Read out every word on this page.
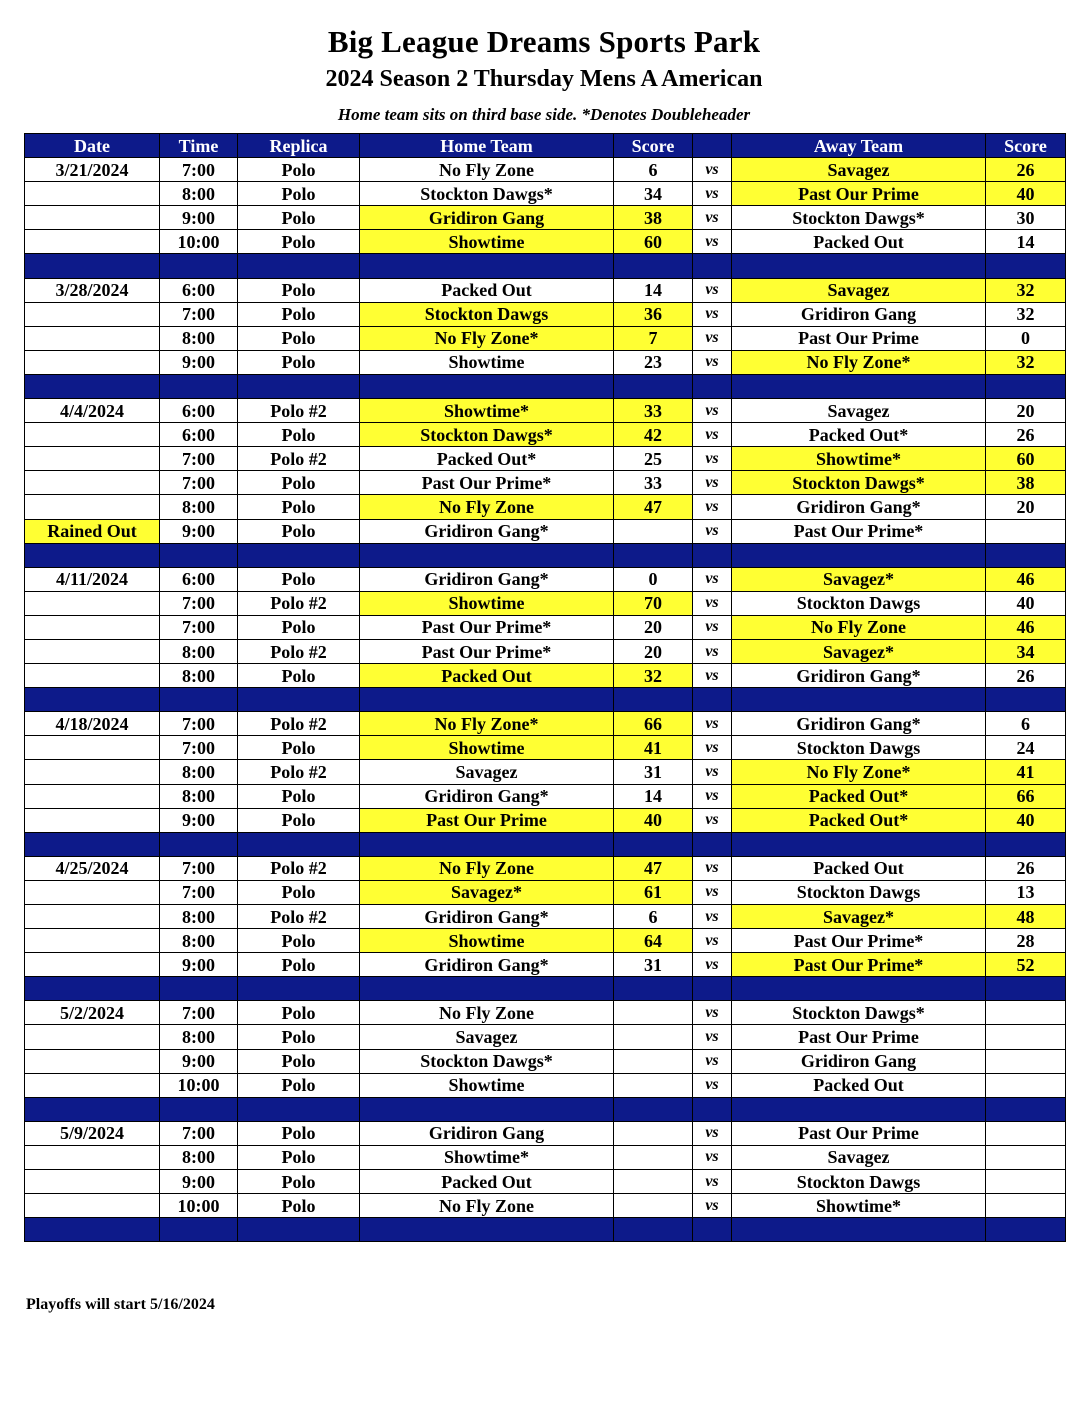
Big League Dreams Sports Park
2024 Season 2 Thursday Mens A American
Home team sits on third base side. *Denotes Doubleheader
Date	Time	Replica	Home Team	Score		Away Team	Score
3/21/2024	7:00	Polo	No Fly Zone	6	vs	Savagez	26
	8:00	Polo	Stockton Dawgs*	34	vs	Past Our Prime	40
	9:00	Polo	Gridiron Gang	38	vs	Stockton Dawgs*	30
	10:00	Polo	Showtime	60	vs	Packed Out	14

3/28/2024	6:00	Polo	Packed Out	14	vs	Savagez	32
	7:00	Polo	Stockton Dawgs	36	vs	Gridiron Gang	32
	8:00	Polo	No Fly Zone*	7	vs	Past Our Prime	0
	9:00	Polo	Showtime	23	vs	No Fly Zone*	32

4/4/2024	6:00	Polo #2	Showtime*	33	vs	Savagez	20
	6:00	Polo	Stockton Dawgs*	42	vs	Packed Out*	26
	7:00	Polo #2	Packed Out*	25	vs	Showtime*	60
	7:00	Polo	Past Our Prime*	33	vs	Stockton Dawgs*	38
	8:00	Polo	No Fly Zone	47	vs	Gridiron Gang*	20
Rained Out	9:00	Polo	Gridiron Gang*		vs	Past Our Prime*	

4/11/2024	6:00	Polo	Gridiron Gang*	0	vs	Savagez*	46
	7:00	Polo #2	Showtime	70	vs	Stockton Dawgs	40
	7:00	Polo	Past Our Prime*	20	vs	No Fly Zone	46
	8:00	Polo #2	Past Our Prime*	20	vs	Savagez*	34
	8:00	Polo	Packed Out	32	vs	Gridiron Gang*	26

4/18/2024	7:00	Polo #2	No Fly Zone*	66	vs	Gridiron Gang*	6
	7:00	Polo	Showtime	41	vs	Stockton Dawgs	24
	8:00	Polo #2	Savagez	31	vs	No Fly Zone*	41
	8:00	Polo	Gridiron Gang*	14	vs	Packed Out*	66
	9:00	Polo	Past Our Prime	40	vs	Packed Out*	40

4/25/2024	7:00	Polo #2	No Fly Zone	47	vs	Packed Out	26
	7:00	Polo	Savagez*	61	vs	Stockton Dawgs	13
	8:00	Polo #2	Gridiron Gang*	6	vs	Savagez*	48
	8:00	Polo	Showtime	64	vs	Past Our Prime*	28
	9:00	Polo	Gridiron Gang*	31	vs	Past Our Prime*	52

5/2/2024	7:00	Polo	No Fly Zone		vs	Stockton Dawgs*	
	8:00	Polo	Savagez		vs	Past Our Prime	
	9:00	Polo	Stockton Dawgs*		vs	Gridiron Gang	
	10:00	Polo	Showtime		vs	Packed Out	

5/9/2024	7:00	Polo	Gridiron Gang		vs	Past Our Prime	
	8:00	Polo	Showtime*		vs	Savagez	
	9:00	Polo	Packed Out		vs	Stockton Dawgs	
	10:00	Polo	No Fly Zone		vs	Showtime*	

Playoffs will start 5/16/2024
